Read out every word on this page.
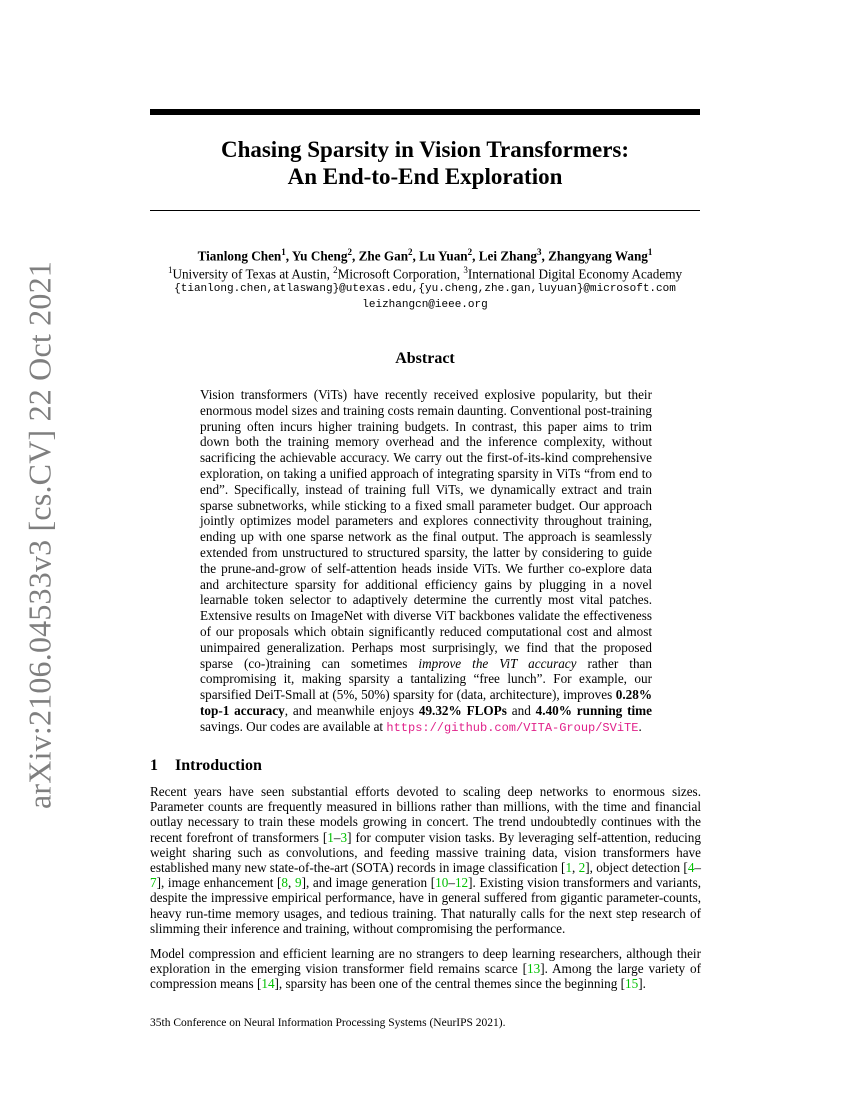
arXiv:2106.04533v3 [cs.CV] 22 Oct 2021
Chasing Sparsity in Vision Transformers:
An End-to-End Exploration
Tianlong Chen$^1$, Yu Cheng$^2$, Zhe Gan$^2$, Lu Yuan$^2$, Lei Zhang$^3$, Zhangyang Wang$^1$
$^1$University of Texas at Austin, $^2$Microsoft Corporation, $^3$International Digital Economy Academy
{tianlong.chen,atlaswang}@utexas.edu,{yu.cheng,zhe.gan,luyuan}@microsoft.com
leizhangcn@ieee.org
Abstract
Vision transformers (ViTs) have recently received explosive popularity, but their enormous model sizes and training costs remain daunting. Conventional post-training pruning often incurs higher training budgets. In contrast, this paper aims to trim down both the training memory overhead and the inference complexity, without sacrificing the achievable accuracy. We carry out the first-of-its-kind comprehensive exploration, on taking a unified approach of integrating sparsity in ViTs “from end to end”. Specifically, instead of training full ViTs, we dynamically extract and train sparse subnetworks, while sticking to a fixed small parameter budget. Our approach jointly optimizes model parameters and explores connectivity throughout training, ending up with one sparse network as the final output. The approach is seamlessly extended from unstructured to structured sparsity, the latter by considering to guide the prune-and-grow of self-attention heads inside ViTs. We further co-explore data and architecture sparsity for additional efficiency gains by plugging in a novel learnable token selector to adaptively determine the currently most vital patches. Extensive results on ImageNet with diverse ViT backbones validate the effectiveness of our proposals which obtain significantly reduced computational cost and almost unimpaired generalization. Perhaps most surprisingly, we find that the proposed sparse (co-)training can sometimes improve the ViT accuracy rather than compromising it, making sparsity a tantalizing “free lunch”. For example, our sparsified DeiT-Small at (5%, 50%) sparsity for (data, architecture), improves 0.28% top-1 accuracy, and meanwhile enjoys 49.32% FLOPs and 4.40% running time savings. Our codes are available at https://github.com/VITA-Group/SViTE.
1 Introduction
Recent years have seen substantial efforts devoted to scaling deep networks to enormous sizes. Parameter counts are frequently measured in billions rather than millions, with the time and financial outlay necessary to train these models growing in concert. The trend undoubtedly continues with the recent forefront of transformers [1–3] for computer vision tasks. By leveraging self-attention, reducing weight sharing such as convolutions, and feeding massive training data, vision transformers have established many new state-of-the-art (SOTA) records in image classification [1, 2], object detection [4–7], image enhancement [8, 9], and image generation [10–12]. Existing vision transformers and variants, despite the impressive empirical performance, have in general suffered from gigantic parameter-counts, heavy run-time memory usages, and tedious training. That naturally calls for the next step research of slimming their inference and training, without compromising the performance.
Model compression and efficient learning are no strangers to deep learning researchers, although their exploration in the emerging vision transformer field remains scarce [13]. Among the large variety of compression means [14], sparsity has been one of the central themes since the beginning [15].
35th Conference on Neural Information Processing Systems (NeurIPS 2021).
